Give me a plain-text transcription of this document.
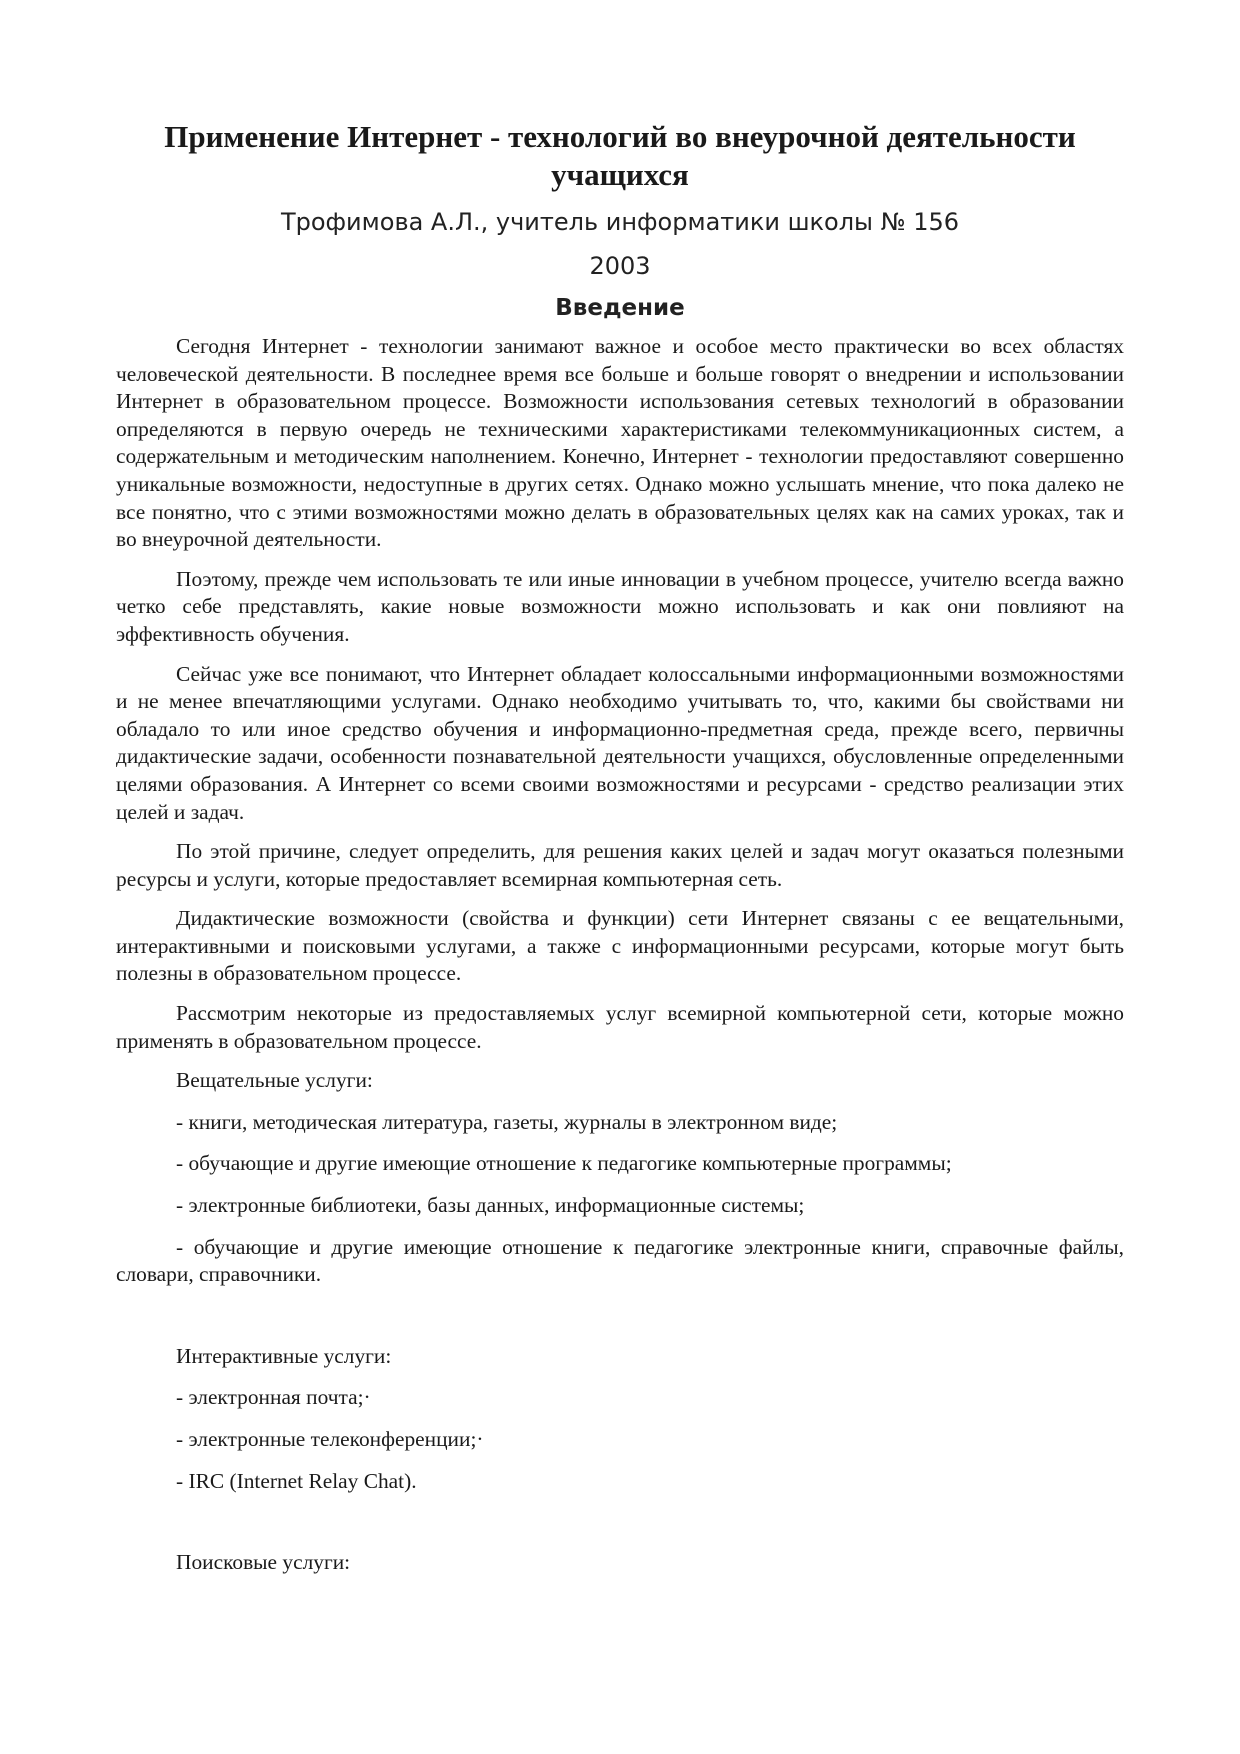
Применение Интернет - технологий во внеурочной деятельности учащихся

Трофимова А.Л., учитель информатики школы № 156

2003

Введение

Сегодня Интернет - технологии занимают важное и особое место практически во всех областях человеческой деятельности. В последнее время все больше и больше говорят о внедрении и использовании Интернет в образовательном процессе. Возможности использования сетевых технологий в образовании определяются в первую очередь не техническими характеристиками телекоммуникационных систем, а содержательным и методическим наполнением. Конечно, Интернет - технологии предоставляют совершенно уникальные возможности, недоступные в других сетях. Однако можно услышать мнение, что пока далеко не все понятно, что с этими возможностями можно делать в образовательных целях как на самих уроках, так и во внеурочной деятельности.

Поэтому, прежде чем использовать те или иные инновации в учебном процессе, учителю всегда важно четко себе представлять, какие новые возможности можно использовать и как они повлияют на эффективность обучения.

Сейчас уже все понимают, что Интернет обладает колоссальными информационными возможностями и не менее впечатляющими услугами. Однако необходимо учитывать то, что, какими бы свойствами ни обладало то или иное средство обучения и информационно-предметная среда, прежде всего, первичны дидактические задачи, особенности познавательной деятельности учащихся, обусловленные определенными целями образования. А Интернет со всеми своими возможностями и ресурсами - средство реализации этих целей и задач.

По этой причине, следует определить, для решения каких целей и задач могут оказаться полезными ресурсы и услуги, которые предоставляет всемирная компьютерная сеть.

Дидактические возможности (свойства и функции) сети Интернет связаны с ее вещательными, интерактивными и поисковыми услугами, а также с информационными ресурсами, которые могут быть полезны в образовательном процессе.

Рассмотрим некоторые из предоставляемых услуг всемирной компьютерной сети, которые можно применять в образовательном процессе.

Вещательные услуги:

- книги, методическая литература, газеты, журналы в электронном виде;

- обучающие и другие имеющие отношение к педагогике компьютерные программы;

- электронные библиотеки, базы данных, информационные системы;

- обучающие и другие имеющие отношение к педагогике электронные книги, справочные файлы, словари, справочники.

Интерактивные услуги:

- электронная почта;·

- электронные телеконференции;·

- IRC (Internet Relay Chat).

Поисковые услуги:
